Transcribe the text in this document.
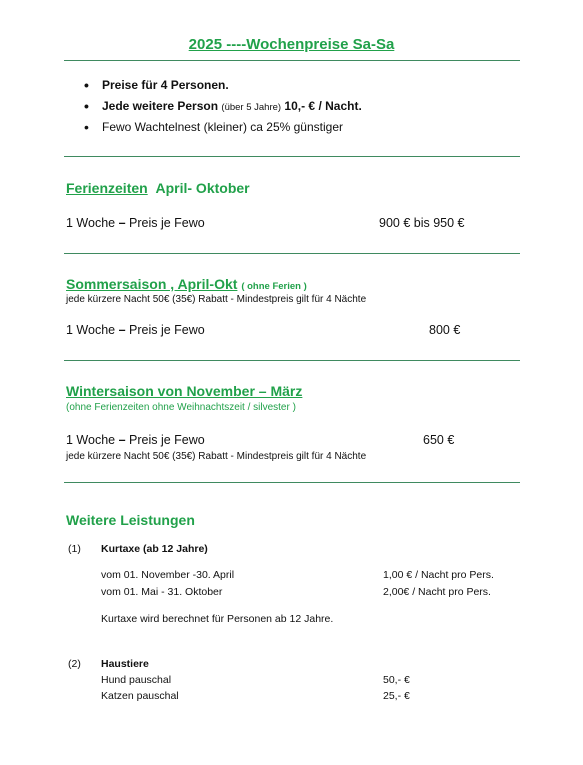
2025 ----Wochenpreise Sa-Sa
• Preise für 4 Personen.
• Jede weitere Person (über 5 Jahre) 10,- € / Nacht.
• Fewo Wachtelnest (kleiner) ca 25% günstiger
Ferienzeiten April- Oktober
1 Woche – Preis je Fewo	900 € bis 950 €
Sommersaison , April-Okt ( ohne Ferien )
jede kürzere Nacht 50€ (35€) Rabatt - Mindestpreis gilt für 4 Nächte
1 Woche – Preis je Fewo	800 €
Wintersaison von November – März
(ohne Ferienzeiten ohne Weihnachtszeit / silvester )
1 Woche – Preis je Fewo	650 €
jede kürzere Nacht 50€ (35€) Rabatt - Mindestpreis gilt für 4 Nächte
Weitere Leistungen
(1) Kurtaxe (ab 12 Jahre)
vom 01. November -30. April	1,00 € / Nacht pro Pers.
vom 01. Mai - 31. Oktober	2,00€ / Nacht pro Pers.
Kurtaxe wird berechnet für Personen ab 12 Jahre.
(2) Haustiere
Hund pauschal	50,- €
Katzen pauschal	25,- €
